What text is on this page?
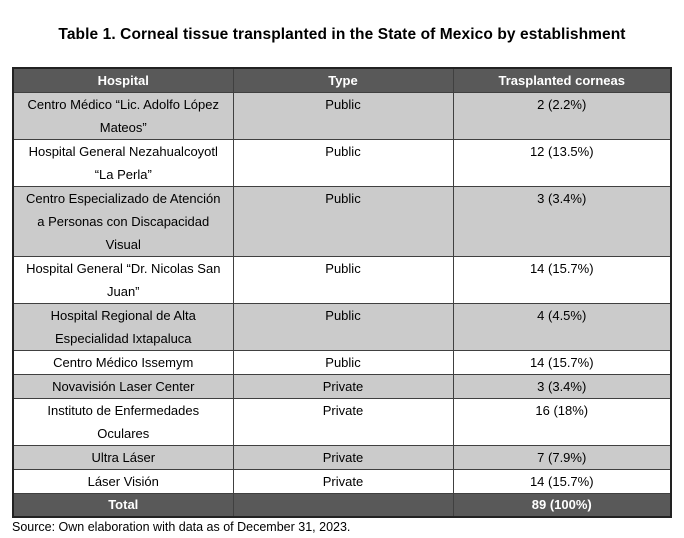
Table 1. Corneal tissue transplanted in the State of Mexico by establishment
Hospital	Type	Trasplanted corneas
Centro Médico “Lic. Adolfo López Mateos”	Public	2 (2.2%)
Hospital General Nezahualcoyotl “La Perla”	Public	12 (13.5%)
Centro Especializado de Atención a Personas con Discapacidad Visual	Public	3 (3.4%)
Hospital General “Dr. Nicolas San Juan”	Public	14 (15.7%)
Hospital Regional de Alta Especialidad Ixtapaluca	Public	4 (4.5%)
Centro Médico Issemym	Public	14 (15.7%)
Novavisión Laser Center	Private	3 (3.4%)
Instituto de Enfermedades Oculares	Private	16 (18%)
Ultra Láser	Private	7 (7.9%)
Láser Visión	Private	14 (15.7%)
Total		89 (100%)
Source: Own elaboration with data as of December 31, 2023.
